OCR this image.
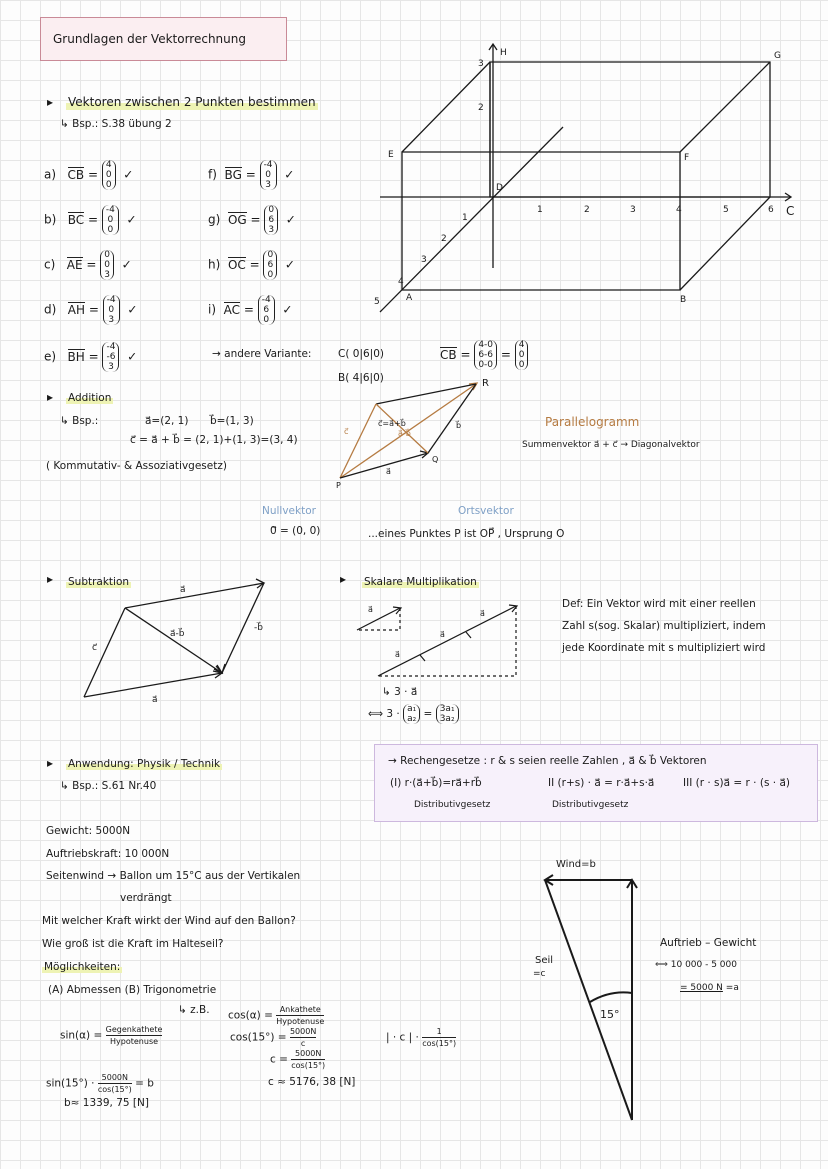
Grundlagen der Vektorrechnung
H	G
E	F
D
A	B
C
1	2	3	4	5	6
2
3
1
2
3
4
5
▸ Vektoren zwischen 2 Punkten bestimmen
↳ Bsp.: S.38 übung 2
a) CB =
4
0
0
✓
b) BC =
-4
0
0
✓
c) AE =
0
0
3
✓
d) AH =
-4
0
3
✓
e) BH =
-4
-6
3
✓
f) BG =
-4
0
3
✓
g) OG =
0
6
3
✓
h) OC =
0
6
0
✓
i) AC =
-4
6
0
✓
→ andere Variante:	C( 0|6|0)
B( 4|6|0)
CB =
4-0
6-6
0-0
=
4
0
0
▸ Addition
↳ Bsp.:	a⃗=(2, 1) b⃗=(1, 3)
c⃗ = a⃗ + b⃗ = (2, 1)+(1, 3)=(3, 4)
( Kommutativ- & Assoziativgesetz)
c⃗=a⃗+b⃗
a⃗-b⃗
c⃗
b⃗
a⃗
P
Q
R
Parallelogramm
Summenvektor a⃗ + c⃗ → Diagonalvektor
Nullvektor
0⃗ = (0, 0)
Ortsvektor
...eines Punktes P ist OP⃗ , Ursprung O
▸ Subtraktion
a⃗
a⃗-b⃗
-b⃗
c⃗
a⃗
▸ Skalare Multiplikation
a⃗
a⃗
a⃗
a⃗
↳ 3 · a⃗
⟺ 3 · a₁
a₂ = 3a₁
3a₂
Def: Ein Vektor wird mit einer reellen
Zahl s(sog. Skalar) multipliziert, indem
jede Koordinate mit s multipliziert wird
→ Rechengesetze : r & s seien reelle Zahlen , a⃗ & b⃗ Vektoren
(I) r·(a⃗+b⃗)=ra⃗+rb⃗	II (r+s) · a⃗ = r·a⃗+s·a⃗	III (r · s)a⃗ = r · (s · a⃗)
Distributivgesetz	Distributivgesetz
▸ Anwendung: Physik / Technik
↳ Bsp.: S.61 Nr.40
Gewicht: 5000N
Auftriebskraft: 10 000N
Seitenwind → Ballon um 15°C aus der Vertikalen
verdrängt
Mit welcher Kraft wirkt der Wind auf den Ballon?
Wie groß ist die Kraft im Halteseil?
Möglichkeiten:
(A) Abmessen (B) Trigonometrie
sin(α) = Gegenkathete
Hypotenuse
↳ z.B. cos(α) = Ankathete
Hypotenuse
$\cos(15^\circ) = \frac{5000N}{c}$	| · c | · $\frac{1}{\cos(15^\circ)}$
$c = \frac{5000N}{\cos(15^\circ)}$
c ≈ 5176, 38 [N]
$\sin(15^\circ) \cdot \frac{5000N}{\cos(15^\circ)} = b$
b≈ 1339, 75 [N]
Wind=b
Seil
=c
15°
Auftrieb – Gewicht
⟺ 10 000 - 5 000
= 5000 N =a
